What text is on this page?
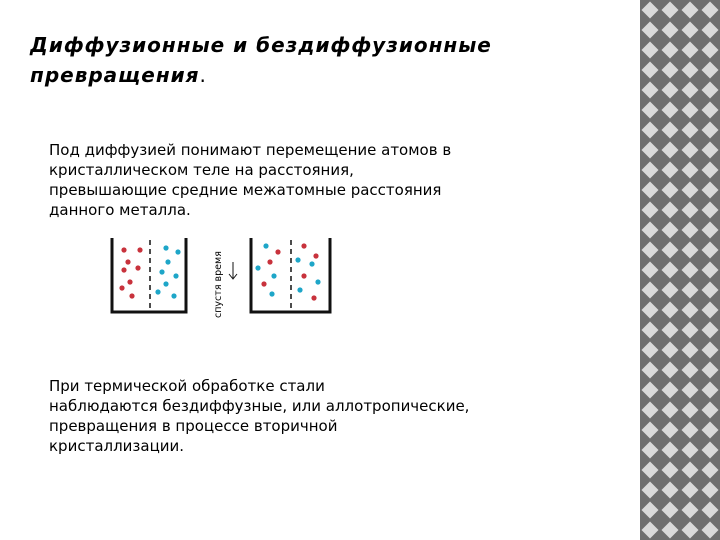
Диффузионные и бездиффузионные превращения.
Под диффузией понимают перемещение атомов в
кристаллическом теле на расстояния,
превышающие средние межатомные расстояния
данного металла.
спустя время
При термической обработке стали
наблюдаются бездиффузные, или аллотропические,
превращения в процессе вторичной
кристаллизации.
